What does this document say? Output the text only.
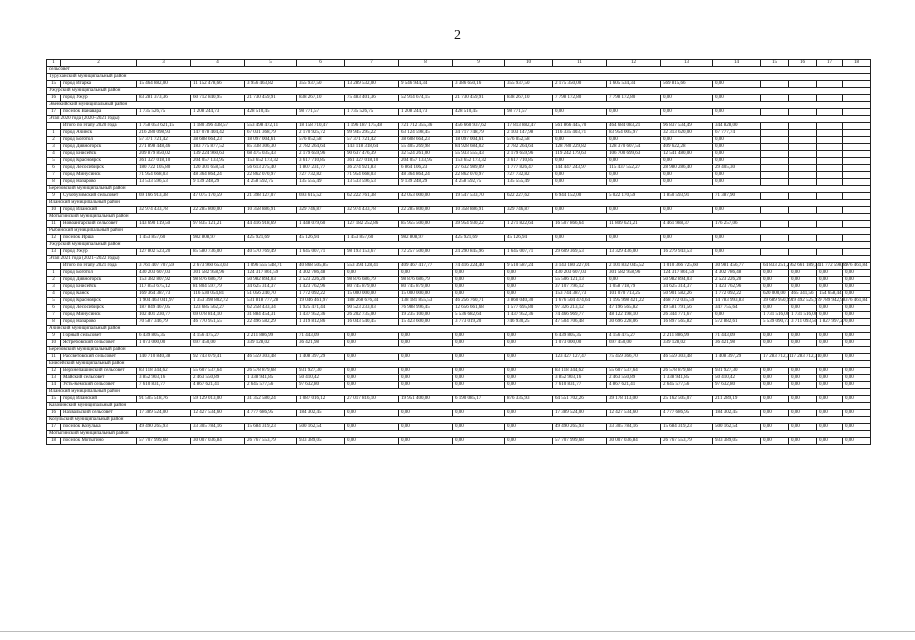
2
1	2	3	4	5	6	7	8	9	10	11	12	13	14	15	16	17	18
сельсовет																	
Туруханский муниципальный район																	
15	город Игарка	15 464 882,00	11 152 478,66	3 956 463,82	355 937,50	13 289 532,00	9 546 944,34	3 386 650,16	355 937,50	2 175 350,00	1 605 534,34	569 815,66	0,00				
Ужурский муниципальный район																	
16	город Ужур	83 281 373,36	60 712 840,95	21 730 459,91	838 267,10	75 483 401,36	52 914 674,15	21 730 459,91	838 267,10	7 798 172,80	7 798 172,80	0,00	0,00				
Эвенкийский муниципальный район																	
17	поселок Ванавара	1 735 526,75	1 208 244,73	428 510,45	98 771,57	1 735 526,75	1 208 244,73	428 510,45	98 771,57	0,00	0,00	0,00	0,00				
Этап 2020 года (2020–2021 годы)																	
	Итого по этапу 2020 года	1 758 053 621,15	1 180 396 438,57	553 498 472,11	18 158 710,47	1 196 187 175,48	721 712 355,36	456 660 937,62	17 813 882,47	561 866 445,70	464 684 083,21	96 837 534,49	344 828,00				
1	город Ачинск	216 280 098,93	147 078 404,42	67 031 368,79	2 170 925,72	99 945 295,22	63 124 598,45	34 717 748,79	2 103 147,98	116 335 403,71	83 954 005,97	32 313 620,00	67 777,74				
2	город Боготол	57 371 721,42	38 608 664,23	18 097 004,61	576 052,58	57 371 721,42	38 608 664,23	18 097 004,61	576 052,58	0,00	0,00	0,00	0,00				
3	город Дивногорск	271 898 448,46	183 775 877,52	85 338 306,30	2 782 264,64	143 118 318,64	55 405 269,98	84 928 684,02	2 782 264,64	128 780 229,82	128 370 607,54	409 622,28	0,00				
4	город Енисейск	209 879 850,02	139 224 960,63	68 475 035,43	2 179 659,96	90 637 476,39	32 524 261,00	55 933 555,43	2 179 659,96	119 242 179,63	106 700 699,63	12 541 480,00	0,00				
5	город Красноярск	361 327 018,10	204 057 133,95	153 652 173,32	3 617 710,85	361 327 018,10	204 057 133,95	153 652 173,32	3 617 710,85	0,00	0,00	0,00	0,00				
6	город Лесосибирск	180 722 105,80	120 301 658,54	56 613 275,40	1 807 231,77	36 274 921,83	6 864 106,23	27 632 989,09	1 777 826,47	144 447 243,97	115 437 552,27	28 980 286,40	29 405,30				
7	город Минусинск	71 954 668,03	48 364 864,24	22 862 070,97	727 732,82	71 954 668,03	48 364 864,24	22 862 070,97	727 732,82	0,00	0,00	0,00	0,00				
8	город Назарово	13 533 596,53	9 139 248,29	4 258 592,75	135 555,49	13 533 596,53	9 139 248,29	4 258 592,75	135 555,49	0,00	0,00	0,00	0,00				
Березовский муниципальный район																	
9	Сухобузимский сельсовет	69 166 913,38	47 075 170,59	21 398 127,07	693 615,52	62 222 761,38	42 053 000,00	19 547 533,70	622 227,62	6 944 152,00	5 022 170,59	1 850 593,91	71 387,90				
Иланский муниципальный район																	
10	город Иланский	32 974 433,78	22 285 800,00	10 358 886,91	329 746,87	32 974 433,78	22 285 800,00	10 358 886,91	329 746,87	0,00	0,00	0,00	0,00				
Мотыгинский муниципальный район																	
11	Новоангарский сельсовет	143 690 119,50	97 835 121,21	44 416 918,69	1 448 079,60	127 182 252,86	85 955 500,00	39 954 930,22	1 271 822,64	16 507 866,64	11 809 621,21	4 461 988,37	176 257,06				
Рыбинский муниципальный район																	
12	поселок Ирша	1 453 857,60	982 808,97	425 921,69	45 126,94	1 453 857,60	982 808,97	425 921,69	45 126,94	0,00	0,00	0,00	0,00				
Ужурский муниципальный район																	
13	город Ужур	127 802 523,20	85 580 736,00	40 570 769,49	1 645 007,71	98 193 153,67	72 257 500,00	24 290 845,96	1 645 007,71	29 609 369,53	13 329 436,00	16 279 943,53	0,00				
Этап 2021 года (2021–2022 годы)																	
	Итого по этапу 2021 года	3 761 407 707,59	2 673 960 653,03	1 096 555 548,71	40 868 505,85	553 394 128,41	409 467 417,77	74 416 224,40	9 510 587,24	3 143 180 227,01	2 101 832 045,52	1 010 366 725,60	30 981 456,77	64 833 251,27	62 661 189,74	11 772 598,69	376 461,84
1	город Боготол	430 203 607,03	301 582 958,96	124 317 861,59	4 302 786,48	0,00	0,00	0,00	0,00	430 203 607,03	301 582 958,96	124 317 861,59	4 302 786,48	0,00	0,00	0,00	0,00
2	город Дивногорск	153 382 807,92	98 876 686,79	50 982 894,03	2 523 226,20	98 876 686,79	98 876 686,79	0,00	0,00	55 506 121,13	0,00	50 982 894,03	2 523 226,20	0,00	0,00	0,00	0,00
3	город Енисейск	117 853 675,12	81 804 597,79	34 625 314,37	1 423 762,96	80 745 879,00	80 745 879,00	0,00	0,00	37 107 796,12	1 058 718,79	34 625 314,37	1 423 762,96	0,00	0,00	0,00	0,00
4	город Канск	169 364 387,73	116 530 054,81	51 056 240,70	1 772 092,22	15 000 000,00	15 000 000,00	0,00	0,00	153 744 387,73	101 070 713,25	50 901 582,26	1 772 092,22	620 000,00	465 341,56	154 658,44	0,00
5	город Красноярск	1 904 463 041,97	1 353 398 802,72	531 818 777,28	19 046 461,97	188 268 676,34	138 181 855,53	46 256 760,71	3 860 040,30	1 676 504 474,64	1 195 998 421,22	468 772 035,59	14 783 993,83	39 689 950,99	19 492 525,97	9 789 942,98	376 461,84
6	город Лесосибирск	187 849 467,05	123 685 562,27	62 258 433,34	1 925 471,44	90 523 233,03	76 988 996,45	12 656 661,68	1 577 695,80	97 326 213,12	47 196 565,82	49 581 791,56	347 755,64	0,00	0,00	0,00	0,00
7	город Минусинск	102 401 230,77	69 078 814,10	31 884 454,31	1 437 952,36	26 202 735,00	19 235 100,00	5 536 682,64	1 437 952,36	74 466 969,77	48 122 198,10	26 344 771,67	0,00	1 731 516,00	1 731 516,00	0,00	0,00
8	город Назарово	70 587 346,79	46 770 951,55	22 496 582,29	1 319 812,86	16 043 540,45	15 423 600,00	3 773 019,20	746 930,25	47 504 706,48	30 696 228,06	16 897 565,82	572 882,61	5 539 090,77	3 711 093,50	1 827 997,27	0,00
Ачинский муниципальный район																	
9	Горный сельсовет	6 439 805,35	4 156 475,27	2 211 886,99	71 443,09	0,00	0,00	0,00	0,00	6 439 805,35	4 156 475,27	2 211 886,99	71 443,09	0,00	0,00	0,00	0,00
10	Ястребовский сельсовет	1 073 000,00	697 450,00	339 128,02	36 421,98	0,00	0,00	0,00	0,00	1 073 000,00	697 450,00	339 128,02	36 421,98	0,00	0,00	0,00	0,00
Березовский муниципальный район																	
11	Рассветовский сельсовет	140 710 840,38	92 743 079,41	46 559 303,48	1 408 397,29	0,00	0,00	0,00	0,00	123 427 127,47	75 459 366,70	46 559 303,48	1 408 397,29	17 283 712,71	17 283 712,71	0,00	0,00
Енисейский муниципальный район																	
12	Верхнепашинский сельсовет	83 118 344,62	55 607 537,64	26 578 879,68	931 927,30	0,00	0,00	0,00	0,00	83 118 344,62	55 607 537,64	26 578 879,68	931 927,30	0,00	0,00	0,00	0,00
13	Майский сельсовет	3 852 903,16	2 463 550,89	1 338 941,85	50 410,42	0,00	0,00	0,00	0,00	3 852 903,16	2 463 550,89	1 338 941,85	50 410,42	0,00	0,00	0,00	0,00
14	Усть-Кемский сельсовет	7 610 831,77	4 867 621,41	2 645 577,56	97 632,80	0,00	0,00	0,00	0,00	7 610 831,77	4 867 621,41	2 645 577,56	97 632,80	0,00	0,00	0,00	0,00
Иланский муниципальный район																	
15	город Иланский	91 505 518,76	59 129 013,00	31 352 580,24	1 087 016,12	27 017 816,10	19 951 400,00	6 190 085,17	876 335,93	64 551 702,26	39 178 113,00	25 162 505,07	211 289,19	0,00	0,00	0,00	0,00
Казачинский муниципальный район																	
16	Нахвальский сельсовет	17 389 524,00	12 427 534,60	4 777 686,95	184 302,45	0,00	0,00	0,00	0,00	17 389 524,00	12 427 534,60	4 777 686,95	184 302,45	0,00	0,00	0,00	0,00
Козульский муниципальный район																	
17	поселок Козулька	49 490 265,93	33 305 784,16	15 684 319,23	500 162,54	0,00	0,00	0,00	0,00	49 490 265,93	33 305 784,16	15 684 319,23	500 162,54	0,00	0,00	0,00	0,00
Мотыгинский муниципальный район																	
18	поселок Мотыгино	57 707 999,68	30 007 036,84	26 767 553,79	933 389,05	0,00	0,00	0,00	0,00	57 707 999,68	30 007 036,84	26 767 553,79	933 389,05	0,00	0,00	0,00	0,00
